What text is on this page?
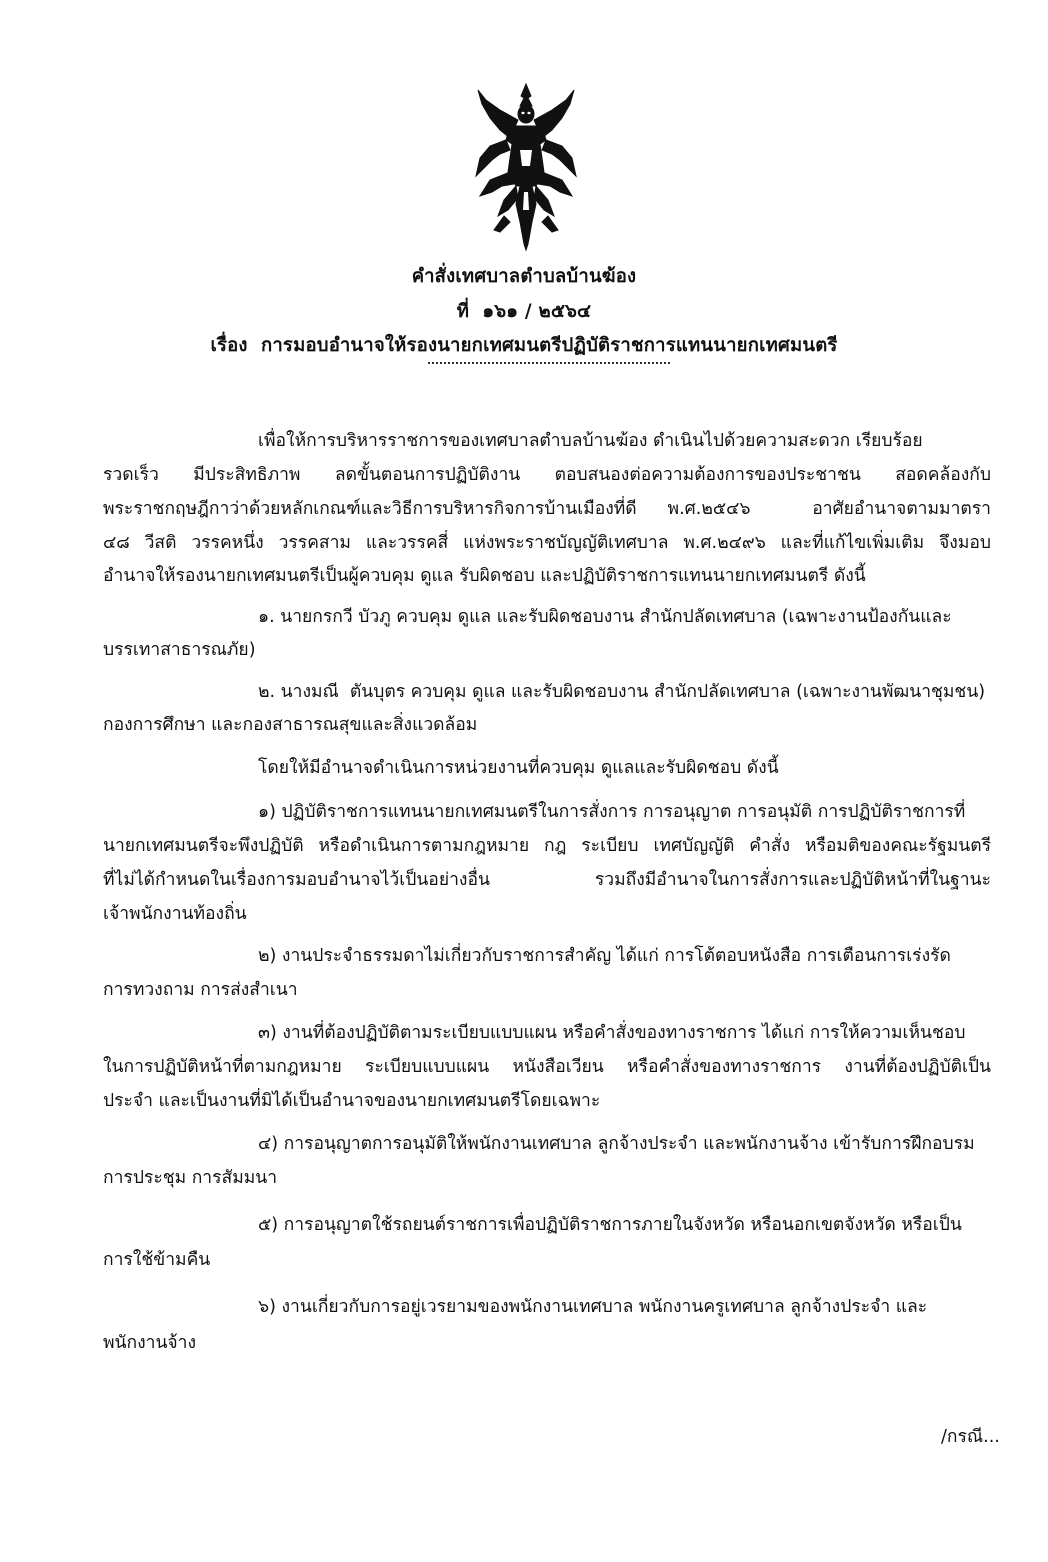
คำสั่งเทศบาลตำบลบ้านฆ้อง
ที่  ๑๖๑ / ๒๕๖๔
เรื่อง  การมอบอำนาจให้รองนายกเทศมนตรีปฏิบัติราชการแทนนายกเทศมนตรี
เพื่อให้การบริหารราชการของเทศบาลตำบลบ้านฆ้อง ดำเนินไปด้วยความสะดวก เรียบร้อย
รวดเร็ว มีประสิทธิภาพ ลดขั้นตอนการปฏิบัติงาน ตอบสนองต่อความต้องการของประชาชน สอดคล้องกับ
พระราชกฤษฎีกาว่าด้วยหลักเกณฑ์และวิธีการบริหารกิจการบ้านเมืองที่ดี พ.ศ.๒๕๔๖  อาศัยอำนาจตามมาตรา
๔๘ วีสติ วรรคหนึ่ง วรรคสาม และวรรคสี่ แห่งพระราชบัญญัติเทศบาล พ.ศ.๒๔๙๖ และที่แก้ไขเพิ่มเติม จึงมอบ
อำนาจให้รองนายกเทศมนตรีเป็นผู้ควบคุม ดูแล รับผิดชอบ และปฏิบัติราชการแทนนายกเทศมนตรี ดังนี้
๑. นายกรกวี บัวภู ควบคุม ดูแล และรับผิดชอบงาน สำนักปลัดเทศบาล (เฉพาะงานป้องกันและ
บรรเทาสาธารณภัย)
๒. นางมณี  ตันบุตร ควบคุม ดูแล และรับผิดชอบงาน สำนักปลัดเทศบาล (เฉพาะงานพัฒนาชุมชน)
กองการศึกษา และกองสาธารณสุขและสิ่งแวดล้อม
โดยให้มีอำนาจดำเนินการหน่วยงานที่ควบคุม ดูแลและรับผิดชอบ ดังนี้
๑) ปฏิบัติราชการแทนนายกเทศมนตรีในการสั่งการ การอนุญาต การอนุมัติ การปฏิบัติราชการที่
นายกเทศมนตรีจะพึงปฏิบัติ หรือดำเนินการตามกฎหมาย กฎ ระเบียบ เทศบัญญัติ คำสั่ง หรือมติของคณะรัฐมนตรี
ที่ไม่ได้กำหนดในเรื่องการมอบอำนาจไว้เป็นอย่างอื่น รวมถึงมีอำนาจในการสั่งการและปฏิบัติหน้าที่ในฐานะ
เจ้าพนักงานท้องถิ่น
๒) งานประจำธรรมดาไม่เกี่ยวกับราชการสำคัญ ได้แก่ การโต้ตอบหนังสือ การเตือนการเร่งรัด
การทวงถาม การส่งสำเนา
๓) งานที่ต้องปฏิบัติตามระเบียบแบบแผน หรือคำสั่งของทางราชการ ได้แก่ การให้ความเห็นชอบ
ในการปฏิบัติหน้าที่ตามกฎหมาย ระเบียบแบบแผน หนังสือเวียน หรือคำสั่งของทางราชการ งานที่ต้องปฏิบัติเป็น
ประจำ และเป็นงานที่มิได้เป็นอำนาจของนายกเทศมนตรีโดยเฉพาะ
๔) การอนุญาตการอนุมัติให้พนักงานเทศบาล ลูกจ้างประจำ และพนักงานจ้าง เข้ารับการฝึกอบรม
การประชุม การสัมมนา
๕) การอนุญาตใช้รถยนต์ราชการเพื่อปฏิบัติราชการภายในจังหวัด หรือนอกเขตจังหวัด หรือเป็น
การใช้ข้ามคืน
๖) งานเกี่ยวกับการอยู่เวรยามของพนักงานเทศบาล พนักงานครูเทศบาล ลูกจ้างประจำ และ
พนักงานจ้าง
/กรณี...
